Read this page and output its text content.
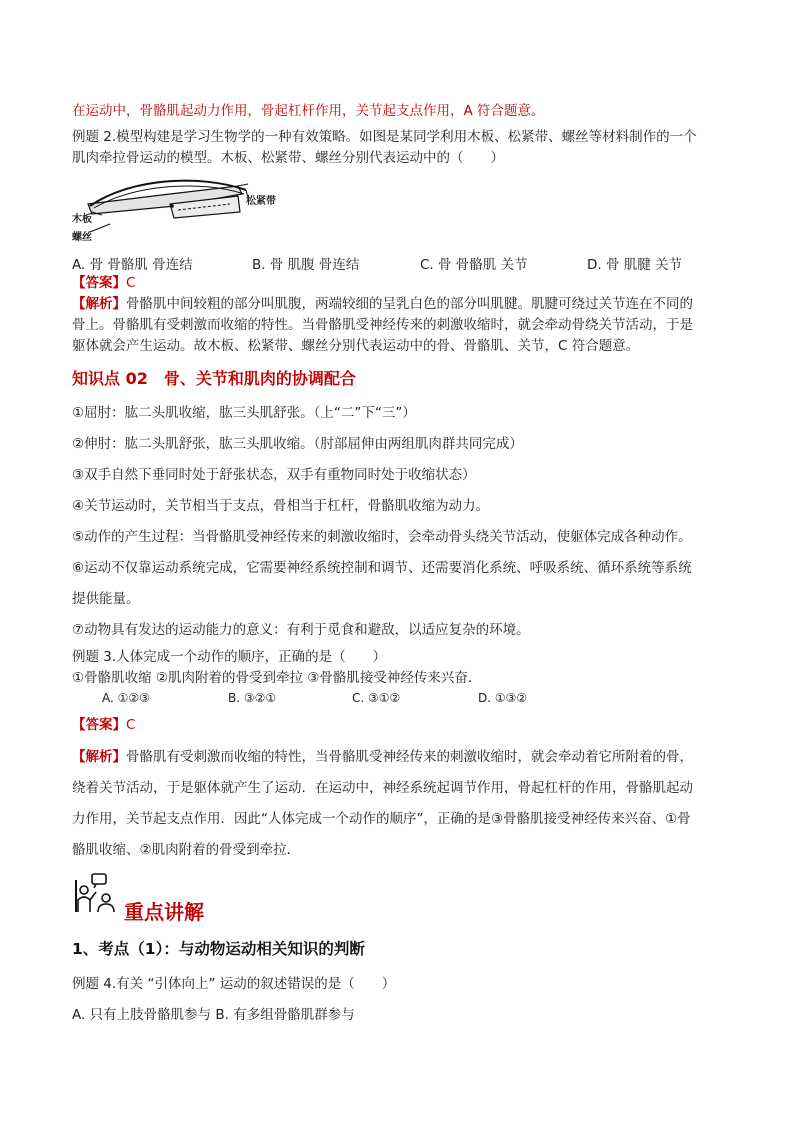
在运动中，骨骼肌起动力作用，骨起杠杆作用，关节起支点作用，A 符合题意。
例题 2.模型构建是学习生物学的一种有效策略。如图是某同学利用木板、松紧带、螺丝等材料制作的一个
肌肉牵拉骨运动的模型。木板、松紧带、螺丝分别代表运动中的（　　）
松紧带
木板
螺丝
A. 骨 骨骼肌 骨连结	B. 骨 肌腹 骨连结	C. 骨 骨骼肌 关节	D. 骨 肌腱 关节
【答案】C
【解析】骨骼肌中间较粗的部分叫肌腹，两端较细的呈乳白色的部分叫肌腱。肌腱可绕过关节连在不同的
骨上。骨骼肌有受刺激而收缩的特性。当骨骼肌受神经传来的刺激收缩时，就会牵动骨绕关节活动，于是
躯体就会产生运动。故木板、松紧带、螺丝分别代表运动中的骨、骨骼肌、关节，C 符合题意。
知识点 02　骨、关节和肌肉的协调配合
①屈肘：肱二头肌收缩，肱三头肌舒张。（上“二”下“三”）
②伸肘：肱二头肌舒张，肱三头肌收缩。（肘部屈伸由两组肌肉群共同完成）
③双手自然下垂同时处于舒张状态，双手有重物同时处于收缩状态）
④关节运动时，关节相当于支点，骨相当于杠杆，骨骼肌收缩为动力。
⑤动作的产生过程：当骨骼肌受神经传来的刺激收缩时，会牵动骨头绕关节活动，使躯体完成各种动作。
⑥运动不仅靠运动系统完成，它需要神经系统控制和调节、还需要消化系统、呼吸系统、循环系统等系统
提供能量。
⑦动物具有发达的运动能力的意义：有利于觅食和避敌，以适应复杂的环境。
例题 3.人体完成一个动作的顺序，正确的是（　　）
①骨骼肌收缩 ②肌肉附着的骨受到牵拉 ③骨骼肌接受神经传来兴奋．
A. ①②③	B. ③②①	C. ③①②	D. ①③②
【答案】C
【解析】骨骼肌有受刺激而收缩的特性，当骨骼肌受神经传来的刺激收缩时，就会牵动着它所附着的骨，
绕着关节活动，于是躯体就产生了运动．在运动中，神经系统起调节作用，骨起杠杆的作用，骨骼肌起动
力作用，关节起支点作用．因此“人体完成一个动作的顺序”，正确的是③骨骼肌接受神经传来兴奋、①骨
骼肌收缩、②肌肉附着的骨受到牵拉．
重点讲解
1、考点（1）：与动物运动相关知识的判断
例题 4.有关 “引体向上” 运动的叙述错误的是（　　）
A. 只有上肢骨骼肌参与 B. 有多组骨骼肌群参与
